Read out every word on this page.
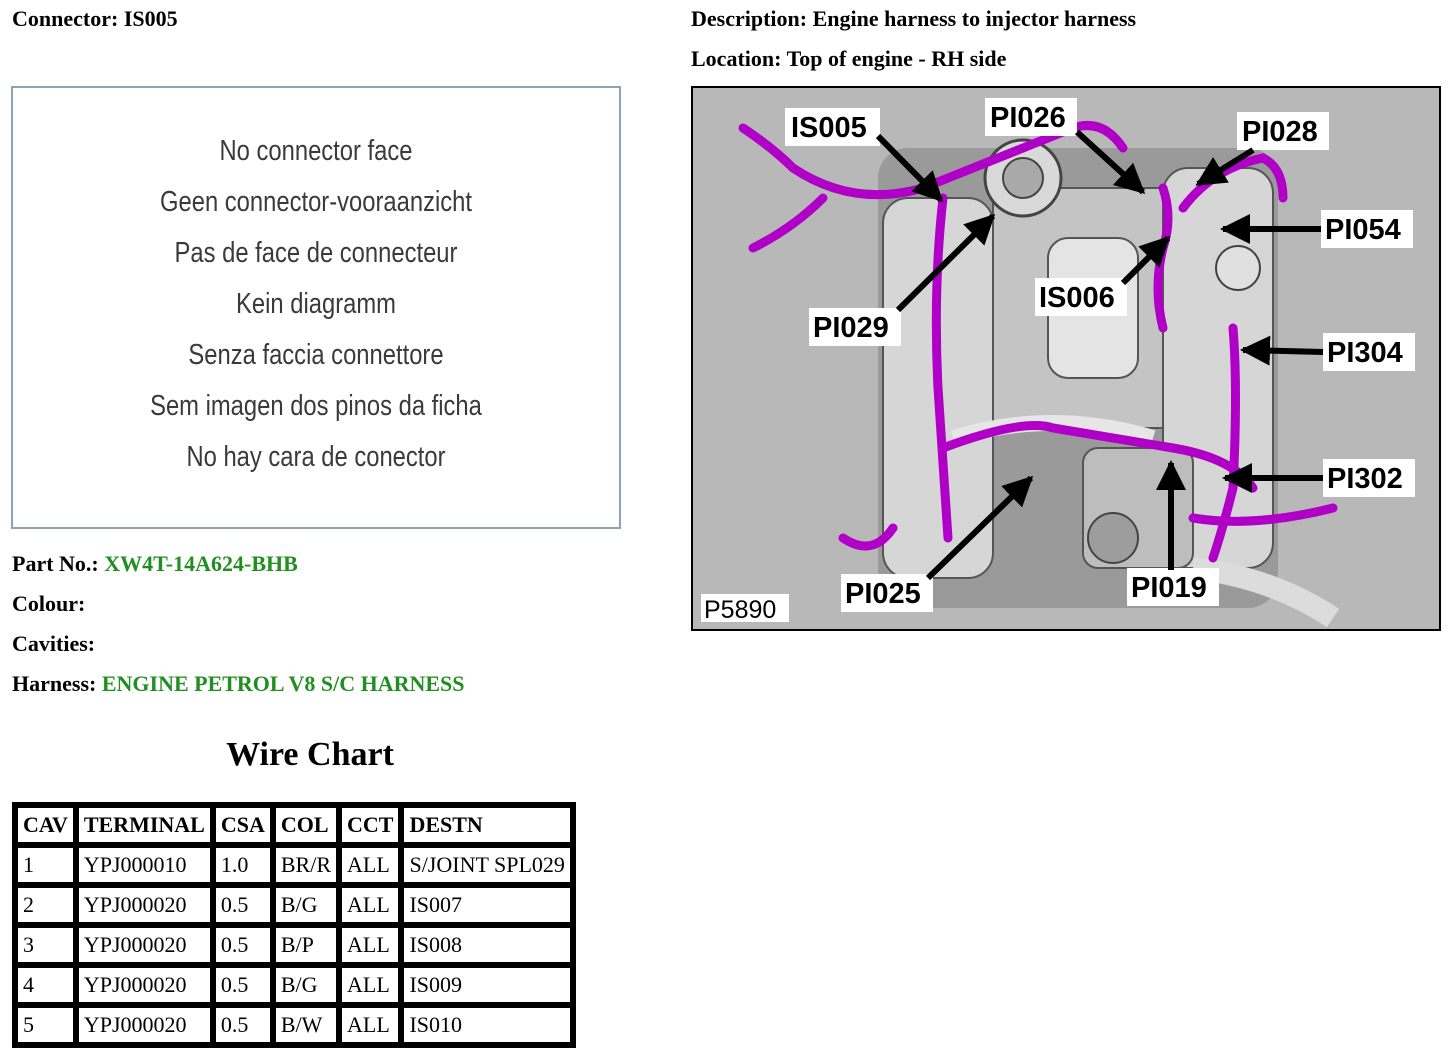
Connector: IS005	Description: Engine harness to injector harness
Location: Top of engine - RH side
No connector face
Geen connector-vooraanzicht
Pas de face de connecteur
Kein diagramm
Senza faccia connettore
Sem imagen dos pinos da ficha
No hay cara de conector
IS005	PI026	PI028
PI054
IS006
PI029
PI304
PI302
PI025	PI019
P5890
Part No.: XW4T-14A624-BHB
Colour:
Cavities:
Harness: ENGINE PETROL V8 S/C HARNESS
Wire Chart
CAV	TERMINAL	CSA	COL	CCT	DESTN
1	YPJ000010	1.0	BR/R	ALL	S/JOINT SPL029
2	YPJ000020	0.5	B/G	ALL	IS007
3	YPJ000020	0.5	B/P	ALL	IS008
4	YPJ000020	0.5	B/G	ALL	IS009
5	YPJ000020	0.5	B/W	ALL	IS010
